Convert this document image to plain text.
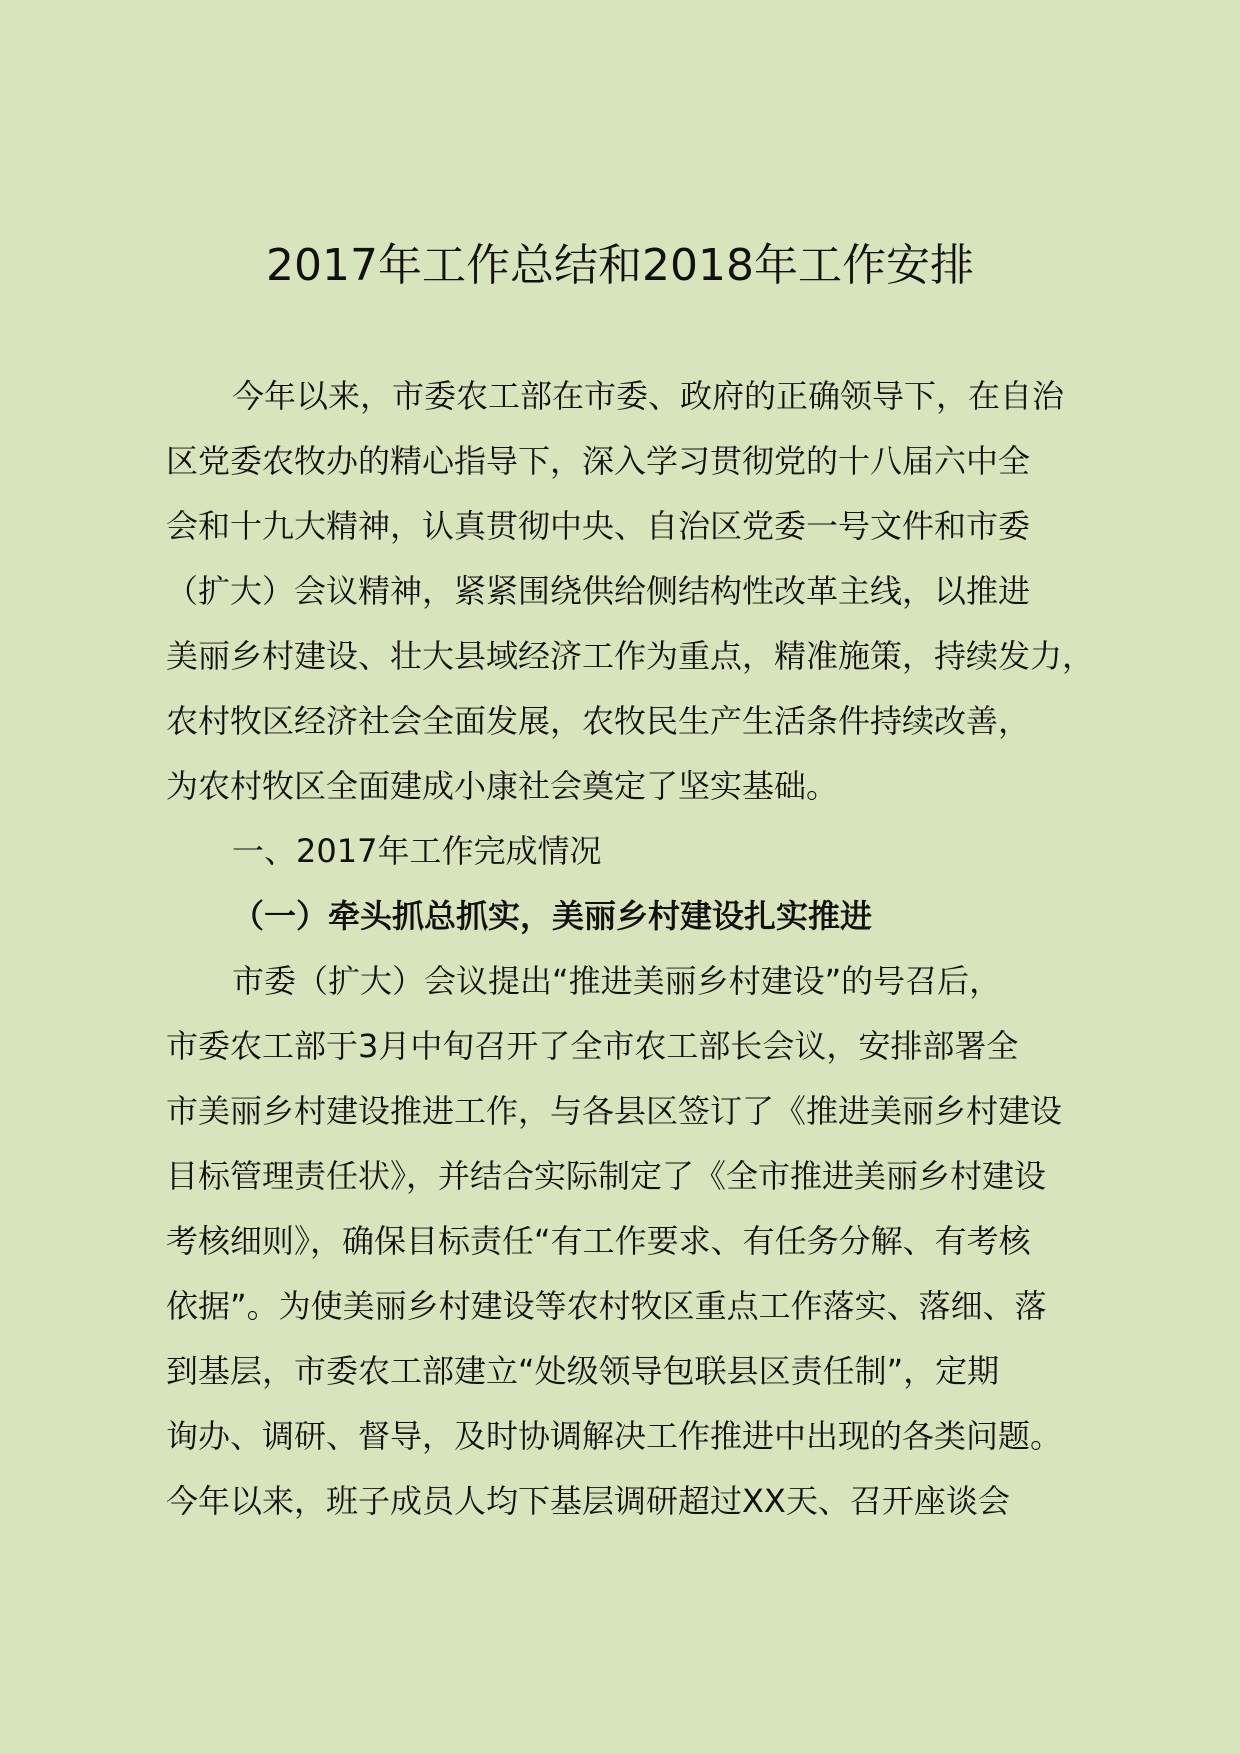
2017年工作总结和2018年工作安排
今年以来，市委农工部在市委、政府的正确领导下，在自治
区党委农牧办的精心指导下，深入学习贯彻党的十八届六中全
会和十九大精神，认真贯彻中央、自治区党委一号文件和市委
（扩大）会议精神，紧紧围绕供给侧结构性改革主线，以推进
美丽乡村建设、壮大县域经济工作为重点，精准施策，持续发力，
农村牧区经济社会全面发展，农牧民生产生活条件持续改善，
为农村牧区全面建成小康社会奠定了坚实基础。
一、2017年工作完成情况
（一）牵头抓总抓实，美丽乡村建设扎实推进
市委（扩大）会议提出“推进美丽乡村建设”的号召后，
市委农工部于3月中旬召开了全市农工部长会议，安排部署全
市美丽乡村建设推进工作，与各县区签订了《推进美丽乡村建设
目标管理责任状》，并结合实际制定了《全市推进美丽乡村建设
考核细则》，确保目标责任“有工作要求、有任务分解、有考核
依据”。为使美丽乡村建设等农村牧区重点工作落实、落细、落
到基层，市委农工部建立“处级领导包联县区责任制”，定期
询办、调研、督导，及时协调解决工作推进中出现的各类问题。
今年以来，班子成员人均下基层调研超过XX天、召开座谈会
